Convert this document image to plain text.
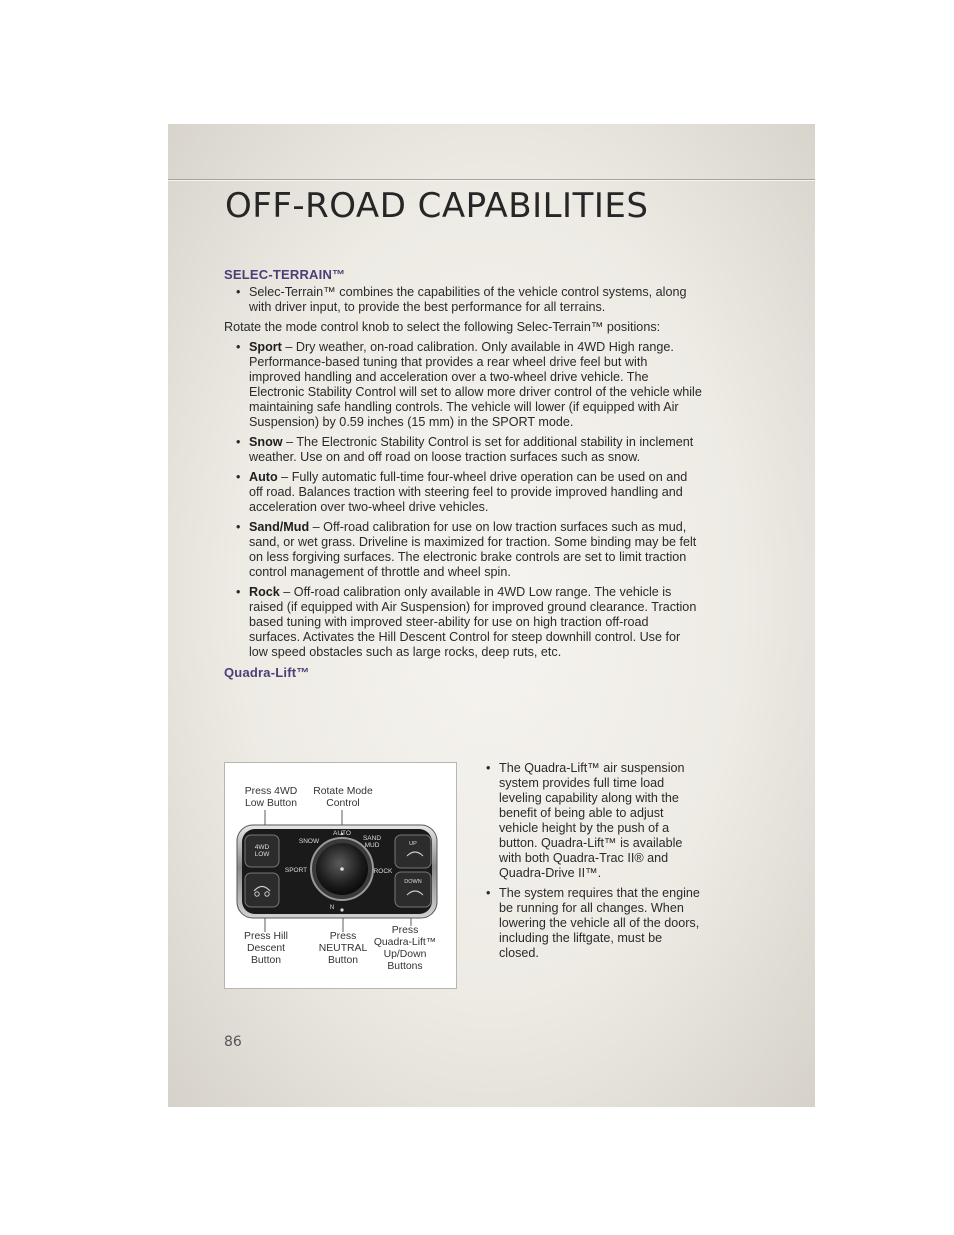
OFF-ROAD CAPABILITIES
SELEC-TERRAIN™
• Selec-Terrain™ combines the capabilities of the vehicle control systems, along with driver input, to provide the best performance for all terrains.

Rotate the mode control knob to select the following Selec-Terrain™ positions:

• Sport – Dry weather, on-road calibration. Only available in 4WD High range. Performance-based tuning that provides a rear wheel drive feel but with improved handling and acceleration over a two-wheel drive vehicle. The Electronic Stability Control will set to allow more driver control of the vehicle while maintaining safe handling controls. The vehicle will lower (if equipped with Air Suspension) by 0.59 inches (15 mm) in the SPORT mode.
• Snow – The Electronic Stability Control is set for additional stability in inclement weather. Use on and off road on loose traction surfaces such as snow.
• Auto – Fully automatic full-time four-wheel drive operation can be used on and off road. Balances traction with steering feel to provide improved handling and acceleration over two-wheel drive vehicles.
• Sand/Mud – Off-road calibration for use on low traction surfaces such as mud, sand, or wet grass. Driveline is maximized for traction. Some binding may be felt on less forgiving surfaces. The electronic brake controls are set to limit traction control management of throttle and wheel spin.
• Rock – Off-road calibration only available in 4WD Low range. The vehicle is raised (if equipped with Air Suspension) for improved ground clearance. Traction based tuning with improved steer-ability for use on high traction off-road surfaces. Activates the Hill Descent Control for steep downhill control. Use for low speed obstacles such as large rocks, deep ruts, etc.
Quadra-Lift™
Press 4WD
Low Button
Rotate Mode
Control
AUTO
SNOW	SAND
MUD
SPORT	ROCK
4WD
LOW
UP
DOWN
N
Press Hill
Descent
Button
Press
NEUTRAL
Button
Press
Quadra-Lift™
Up/Down
Buttons
• The Quadra-Lift™ air suspension system provides full time load leveling capability along with the benefit of being able to adjust vehicle height by the push of a button. Quadra-Lift™ is available with both Quadra-Trac II® and Quadra-Drive II™.
• The system requires that the engine be running for all changes. When lowering the vehicle all of the doors, including the liftgate, must be closed.
86
